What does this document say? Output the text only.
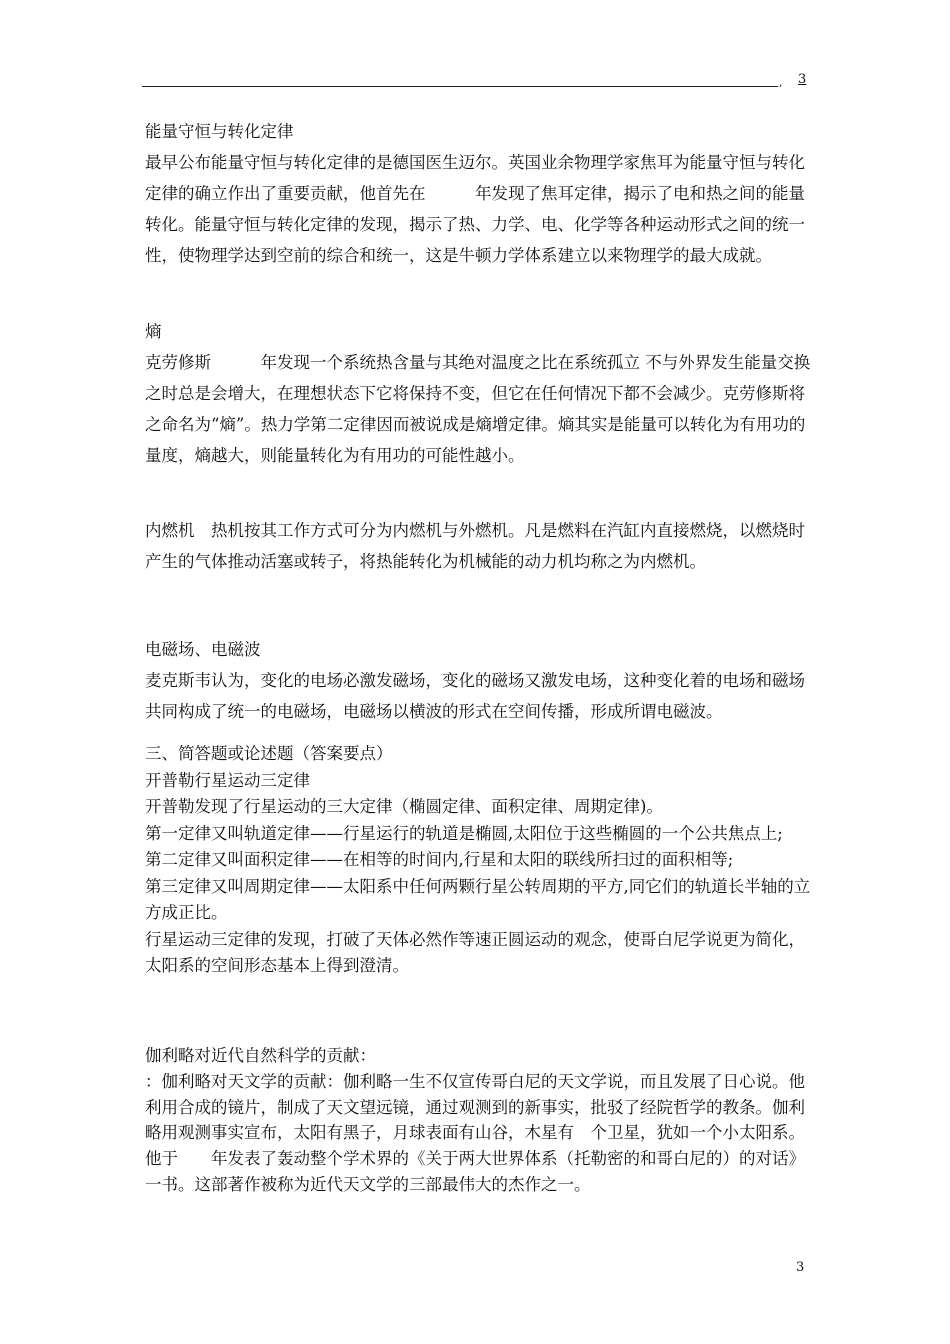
, 3

能量守恒与转化定律

最早公布能量守恒与转化定律的是德国医生迈尔。英国业余物理学家焦耳为能量守恒与转化定律的确立作出了重要贡献，他首先在　　　年发现了焦耳定律，揭示了电和热之间的能量转化。能量守恒与转化定律的发现，揭示了热、力学、电、化学等各种运动形式之间的统一性，使物理学达到空前的综合和统一，这是牛顿力学体系建立以来物理学的最大成就。

熵

克劳修斯　　　年发现一个系统热含量与其绝对温度之比在系统孤立 不与外界发生能量交换 之时总是会增大，在理想状态下它将保持不变，但它在任何情况下都不会减少。克劳修斯将之命名为“熵”。热力学第二定律因而被说成是熵增定律。熵其实是能量可以转化为有用功的量度，熵越大，则能量转化为有用功的可能性越小。

内燃机　热机按其工作方式可分为内燃机与外燃机。凡是燃料在汽缸内直接燃烧，以燃烧时产生的气体推动活塞或转子，将热能转化为机械能的动力机均称之为内燃机。

电磁场、电磁波

麦克斯韦认为，变化的电场必激发磁场，变化的磁场又激发电场，这种变化着的电场和磁场共同构成了统一的电磁场，电磁场以横波的形式在空间传播，形成所谓电磁波。

三、简答题或论述题（答案要点）

开普勒行星运动三定律

开普勒发现了行星运动的三大定律（椭圆定律、面积定律、周期定律)。

第一定律又叫轨道定律——行星运行的轨道是椭圆,太阳位于这些椭圆的一个公共焦点上;

第二定律又叫面积定律——在相等的时间内,行星和太阳的联线所扫过的面积相等;

第三定律又叫周期定律——太阳系中任何两颗行星公转周期的平方,同它们的轨道长半轴的立方成正比。

行星运动三定律的发现，打破了天体必然作等速正圆运动的观念，使哥白尼学说更为简化，太阳系的空间形态基本上得到澄清。

伽利略对近代自然科学的贡献：

：伽利略对天文学的贡献：伽利略一生不仅宣传哥白尼的天文学说，而且发展了日心说。他利用合成的镜片，制成了天文望远镜，通过观测到的新事实，批驳了经院哲学的教条。伽利略用观测事实宣布，太阳有黑子，月球表面有山谷，木星有　个卫星，犹如一个小太阳系。他于　　年发表了轰动整个学术界的《关于两大世界体系（托勒密的和哥白尼的）的对话》一书。这部著作被称为近代天文学的三部最伟大的杰作之一。

3
